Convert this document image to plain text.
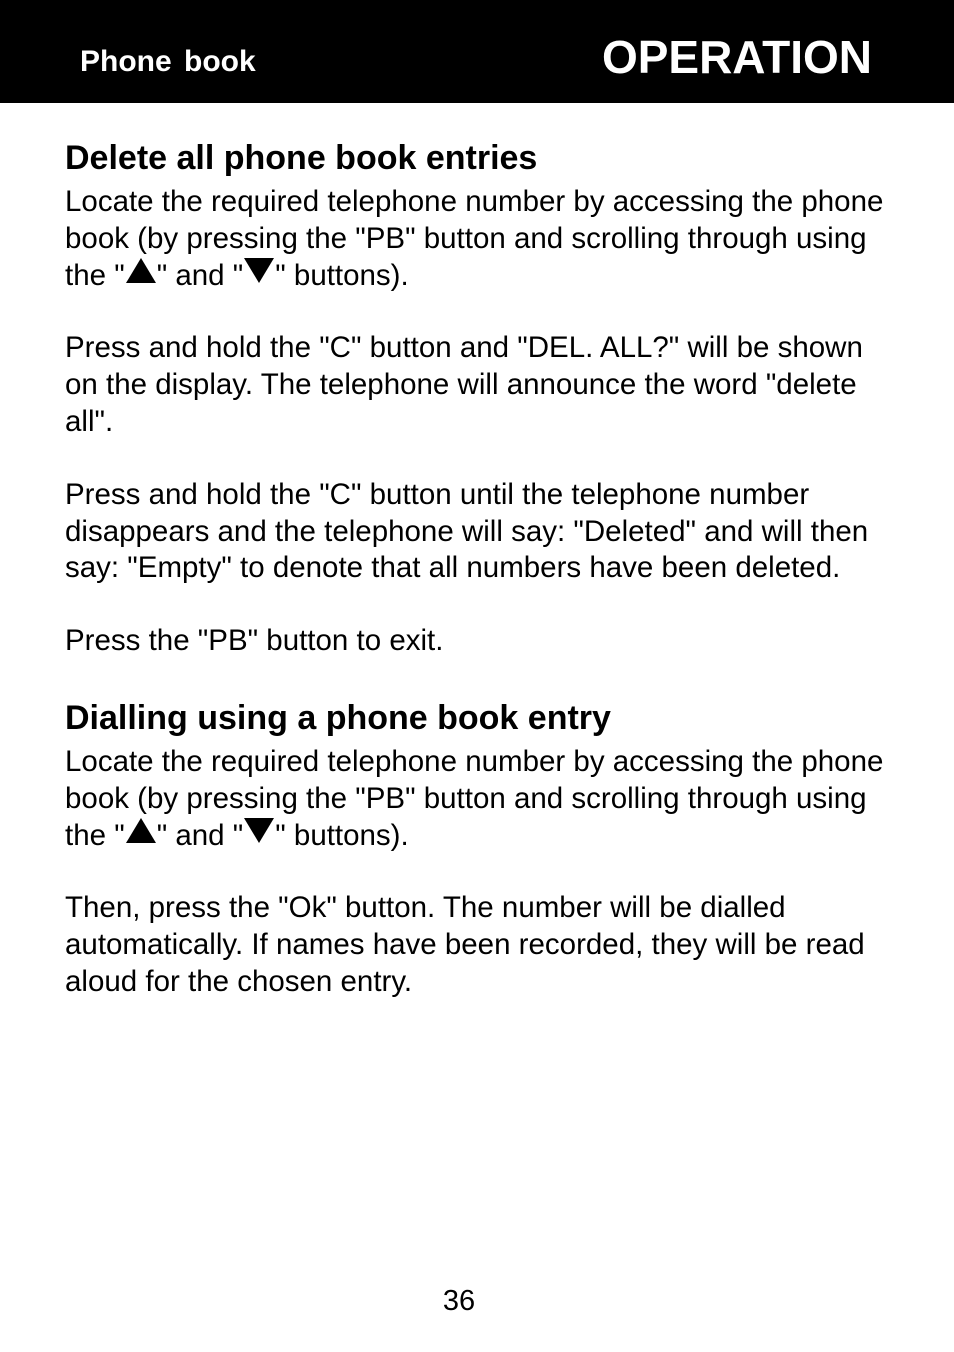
Phone book	OPERATION
Delete all phone book entries

Locate the required telephone number by accessing the phone book (by pressing the "PB" button and scrolling through using the " " and " " buttons).

Press and hold the "C" button and "DEL. ALL?" will be shown on the display. The telephone will announce the word "delete all".

Press and hold the "C" button until the telephone number disappears and the telephone will say: "Deleted" and will then say: "Empty" to denote that all numbers have been deleted.

Press the "PB" button to exit.

Dialling using a phone book entry

Locate the required telephone number by accessing the phone book (by pressing the "PB" button and scrolling through using the " " and " " buttons).

Then, press the "Ok" button. The number will be dialled automatically. If names have been recorded, they will be read aloud for the chosen entry.

36
